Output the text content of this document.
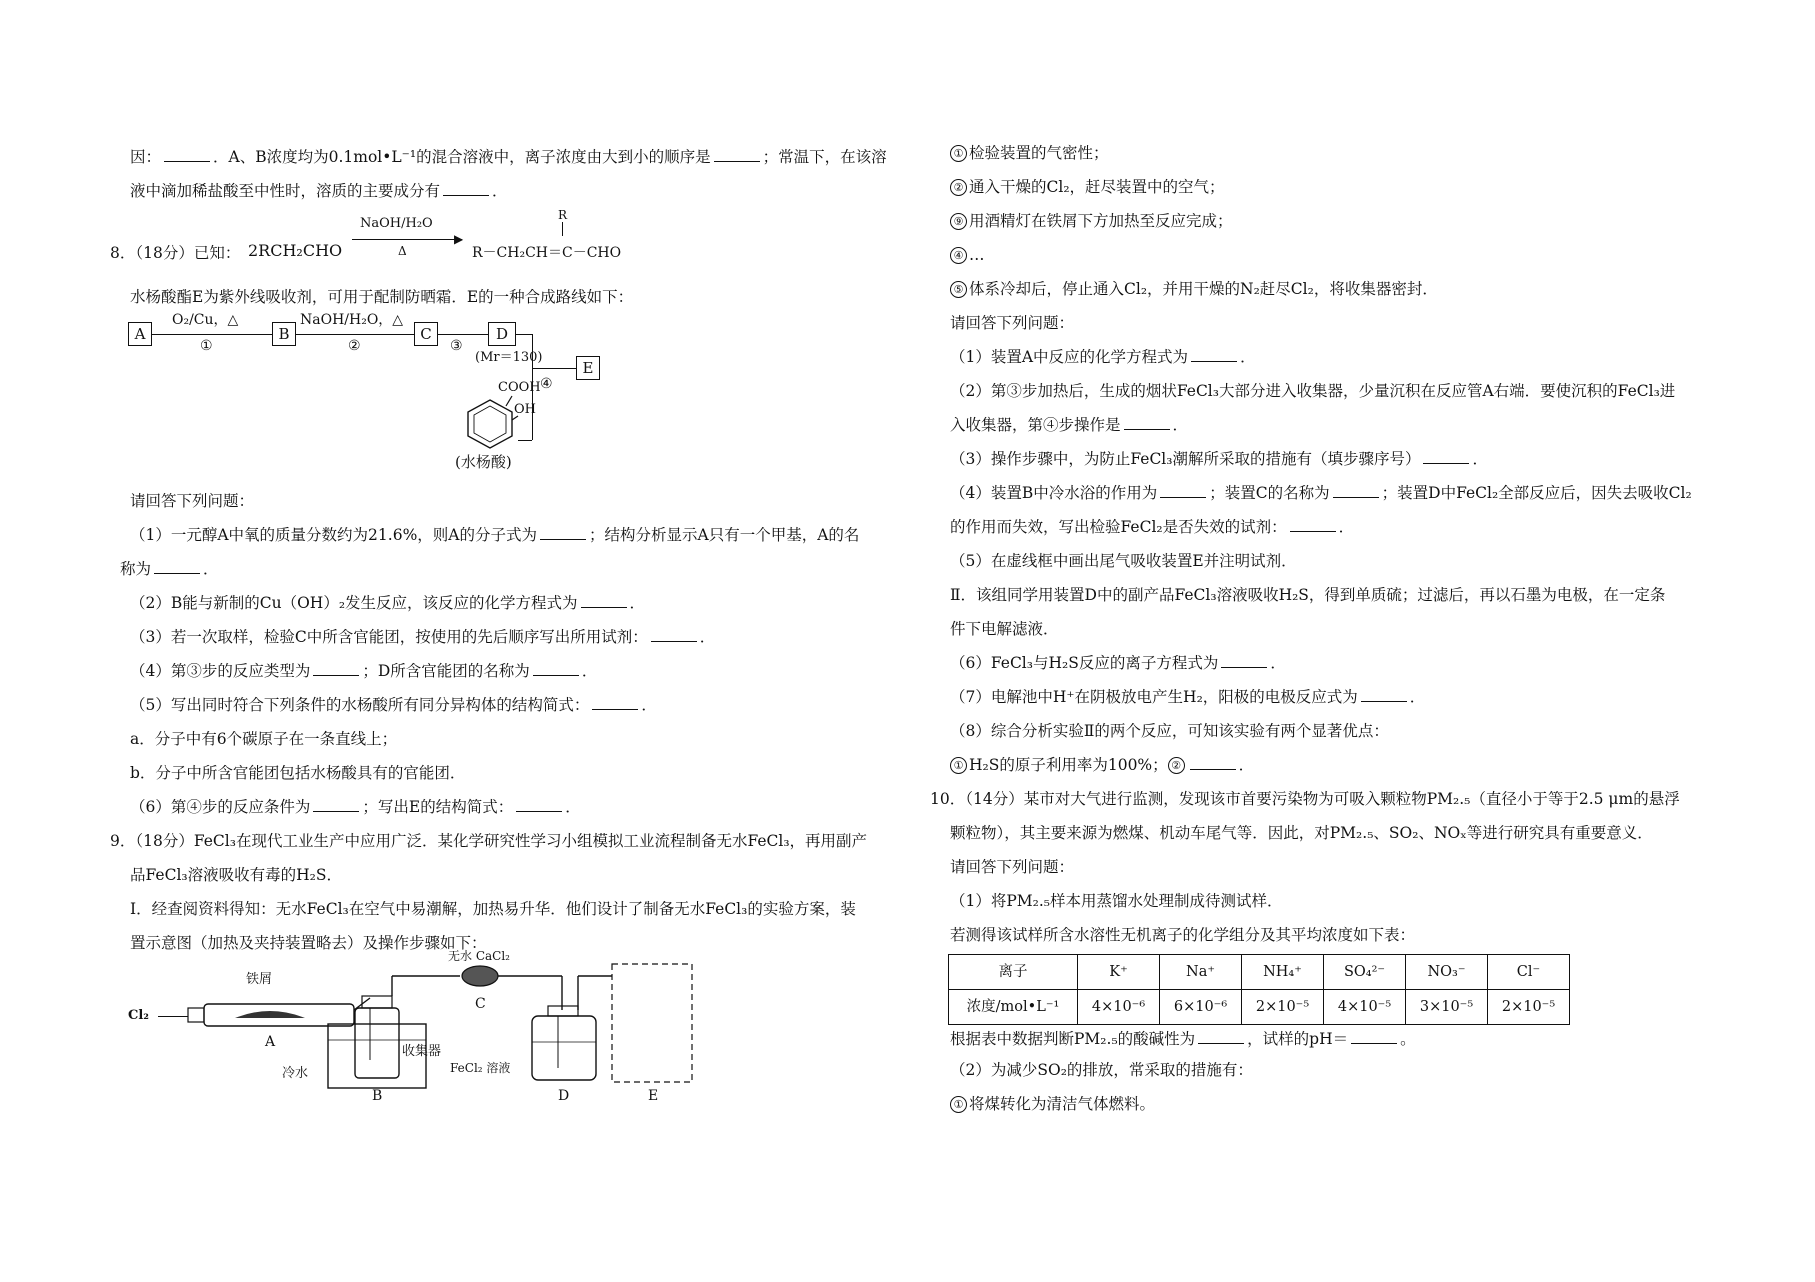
因：	．A、B浓度均为0.1mol•L⁻¹的混合溶液中，离子浓度由大到小的顺序是	；常温下，在该溶
液中滴加稀盐酸至中性时，溶质的主要成分有	．
8．（18分）已知： 2RCH₂CHO
NaOH/H₂O
▶
Δ	R－CH₂CH＝C－CHO
R
水杨酸酯E为紫外线吸收剂，可用于配制防晒霜．E的一种合成路线如下：
A
O₂/Cu，△
①
B
NaOH/H₂O，△
②
C
③
D
(Mr＝130)
④
E
COOH
OH
(水杨酸)
请回答下列问题：
（1）一元醇A中氧的质量分数约为21.6%，则A的分子式为	；结构分析显示A只有一个甲基，A的名
称为	．
（2）B能与新制的Cu（OH）₂发生反应，该反应的化学方程式为	．
（3）若一次取样，检验C中所含官能团，按使用的先后顺序写出所用试剂：	．
（4）第③步的反应类型为	；D所含官能团的名称为	．
（5）写出同时符合下列条件的水杨酸所有同分异构体的结构简式：	．
a．分子中有6个碳原子在一条直线上；
b．分子中所含官能团包括水杨酸具有的官能团．
（6）第④步的反应条件为	；写出E的结构简式：	．
9．（18分）FeCl₃在现代工业生产中应用广泛．某化学研究性学习小组模拟工业流程制备无水FeCl₃，再用副产
品FeCl₃溶液吸收有毒的H₂S．
Ⅰ．经查阅资料得知：无水FeCl₃在空气中易潮解，加热易升华．他们设计了制备无水FeCl₃的实验方案，装
置示意图（加热及夹持装置略去）及操作步骤如下：
Cl₂
铁屑
无水 CaCl₂
收集器
冷水	FeCl₂ 溶液
A
B
C
D	E
① 检验装置的气密性；
② 通入干燥的Cl₂，赶尽装置中的空气；
⑨ 用酒精灯在铁屑下方加热至反应完成；
④ …
⑤ 体系冷却后，停止通入Cl₂，并用干燥的N₂赶尽Cl₂，将收集器密封．
请回答下列问题：
（1）装置A中反应的化学方程式为	．
（2）第③步加热后，生成的烟状FeCl₃大部分进入收集器，少量沉积在反应管A右端．要使沉积的FeCl₃进
入收集器，第④步操作是	．
（3）操作步骤中，为防止FeCl₃潮解所采取的措施有（填步骤序号）	．
（4）装置B中冷水浴的作用为	；装置C的名称为	；装置D中FeCl₂全部反应后，因失去吸收Cl₂
的作用而失效，写出检验FeCl₂是否失效的试剂：	．
（5）在虚线框中画出尾气吸收装置E并注明试剂．
Ⅱ．该组同学用装置D中的副产品FeCl₃溶液吸收H₂S，得到单质硫；过滤后，再以石墨为电极，在一定条
件下电解滤液．
（6）FeCl₃与H₂S反应的离子方程式为	．
（7）电解池中H⁺在阴极放电产生H₂，阳极的电极反应式为	．
（8）综合分析实验Ⅱ的两个反应，可知该实验有两个显著优点：
① H₂S的原子利用率为100%； ②	．
10．（14分）某市对大气进行监测，发现该市首要污染物为可吸入颗粒物PM₂.₅（直径小于等于2.5 μm的悬浮
颗粒物），其主要来源为燃煤、机动车尾气等．因此，对PM₂.₅、SO₂、NOₓ等进行研究具有重要意义．
请回答下列问题：
（1）将PM₂.₅样本用蒸馏水处理制成待测试样．
若测得该试样所含水溶性无机离子的化学组分及其平均浓度如下表：
离子	K⁺	Na⁺	NH₄⁺	SO₄²⁻	NO₃⁻	Cl⁻
浓度/mol•L⁻¹	4×10⁻⁶	6×10⁻⁶	2×10⁻⁵	4×10⁻⁵	3×10⁻⁵	2×10⁻⁵
根据表中数据判断PM₂.₅的酸碱性为	，试样的pH＝	。
（2）为减少SO₂的排放，常采取的措施有：
① 将煤转化为清洁气体燃料。
